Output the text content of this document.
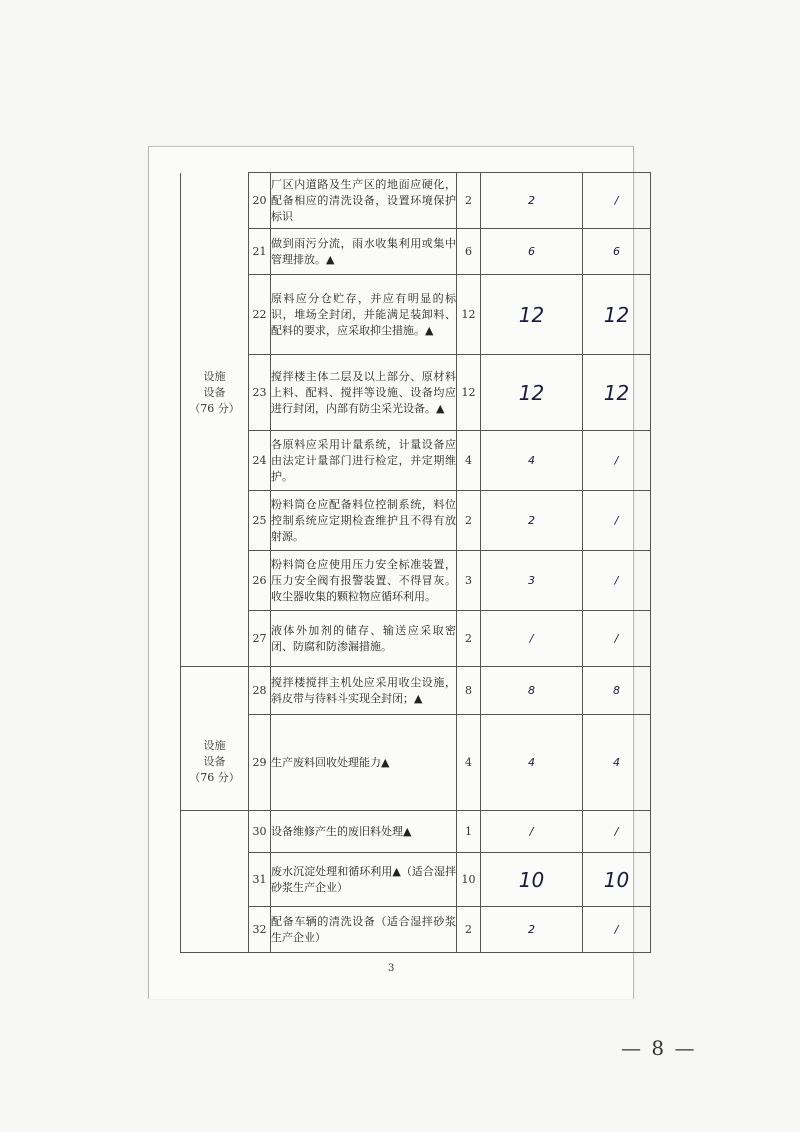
	20	厂区内道路及生产区的地面应硬化，配备相应的清洗设备，设置环境保护标识	2	2	/
	21	做到雨污分流，雨水收集利用或集中管理排放。▲	6	6	6
	22	原料应分仓贮存，并应有明显的标识，堆场全封闭，并能满足装卸料、配料的要求，应采取抑尘措施。▲	12	12	12

设施
设备
（76 分）	23	搅拌楼主体二层及以上部分、原材料上料、配料、搅拌等设施、设备均应进行封闭，内部有防尘采光设备。▲	12	12	12
	24	各原料应采用计量系统，计量设备应由法定计量部门进行检定，并定期维护。	4	4	/
	25	粉料筒仓应配备料位控制系统，料位控制系统应定期检查维护且不得有放射源。	2	2	/
	26	粉料筒仓应使用压力安全标准装置，压力安全阀有报警装置、不得冒灰。收尘器收集的颗粒物应循环利用。	3	3	/
	27	液体外加剂的储存、输送应采取密闭、防腐和防渗漏措施。	2	/	/
	28	搅拌楼搅拌主机处应采用收尘设施，斜皮带与待料斗实现全封闭；▲	8	8	8

设施
设备
（76 分）	29	生产废料回收处理能力▲	4	4	4
	30	设备维修产生的废旧料处理▲	1	/	/
	31	废水沉淀处理和循环利用▲（适合湿拌砂浆生产企业）	10	10	10
	32	配备车辆的清洗设备（适合湿拌砂浆生产企业）	2	2	/
3
— 8 —
